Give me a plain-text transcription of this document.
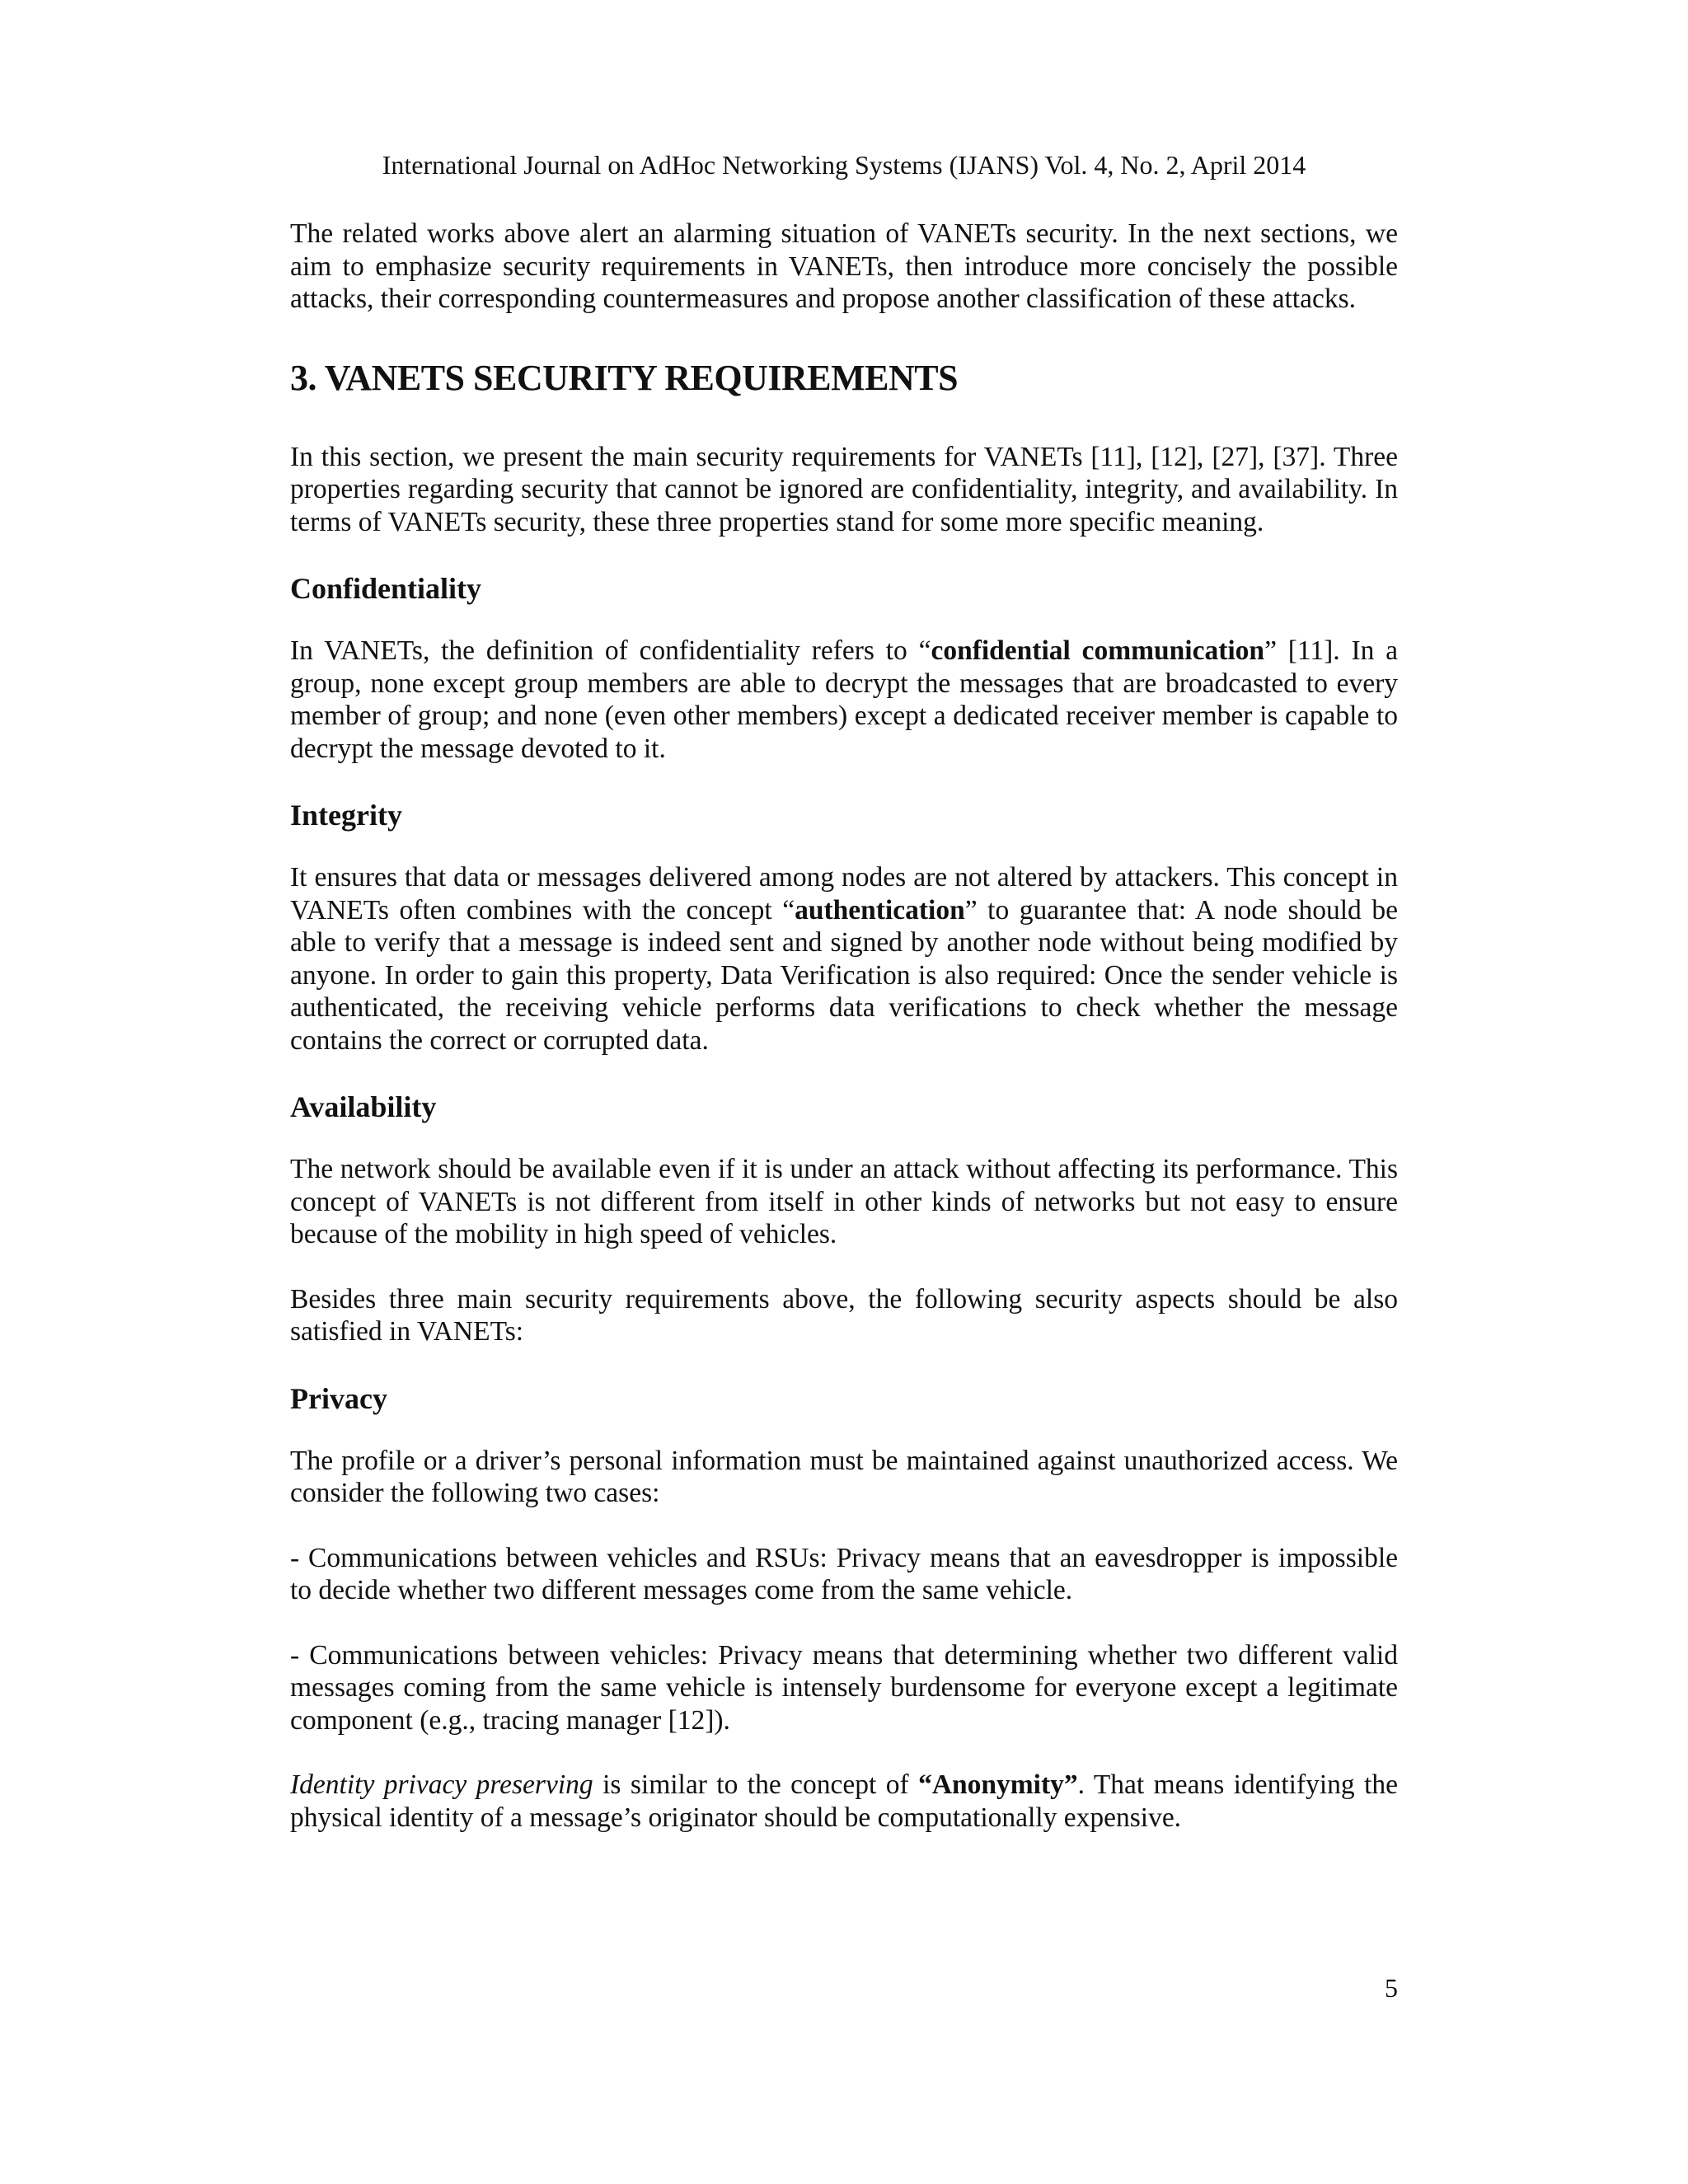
International Journal on AdHoc Networking Systems (IJANS) Vol. 4, No. 2, April 2014

The related works above alert an alarming situation of VANETs security. In the next sections, we aim to emphasize security requirements in VANETs, then introduce more concisely the possible attacks, their corresponding countermeasures and propose another classification of these attacks.

3. VANETS SECURITY REQUIREMENTS

In this section, we present the main security requirements for VANETs [11], [12], [27], [37]. Three properties regarding security that cannot be ignored are confidentiality, integrity, and availability. In terms of VANETs security, these three properties stand for some more specific meaning.

Confidentiality

In VANETs, the definition of confidentiality refers to “confidential communication” [11]. In a group, none except group members are able to decrypt the messages that are broadcasted to every member of group; and none (even other members) except a dedicated receiver member is capable to decrypt the message devoted to it.

Integrity

It ensures that data or messages delivered among nodes are not altered by attackers. This concept in VANETs often combines with the concept “authentication” to guarantee that: A node should be able to verify that a message is indeed sent and signed by another node without being modified by anyone. In order to gain this property, Data Verification is also required: Once the sender vehicle is authenticated, the receiving vehicle performs data verifications to check whether the message contains the correct or corrupted data.

Availability

The network should be available even if it is under an attack without affecting its performance. This concept of VANETs is not different from itself in other kinds of networks but not easy to ensure because of the mobility in high speed of vehicles.

Besides three main security requirements above, the following security aspects should be also satisfied in VANETs:

Privacy

The profile or a driver’s personal information must be maintained against unauthorized access. We consider the following two cases:

- Communications between vehicles and RSUs: Privacy means that an eavesdropper is impossible to decide whether two different messages come from the same vehicle.

- Communications between vehicles: Privacy means that determining whether two different valid messages coming from the same vehicle is intensely burdensome for everyone except a legitimate component (e.g., tracing manager [12]).

Identity privacy preserving is similar to the concept of “Anonymity”. That means identifying the physical identity of a message’s originator should be computationally expensive.

5
